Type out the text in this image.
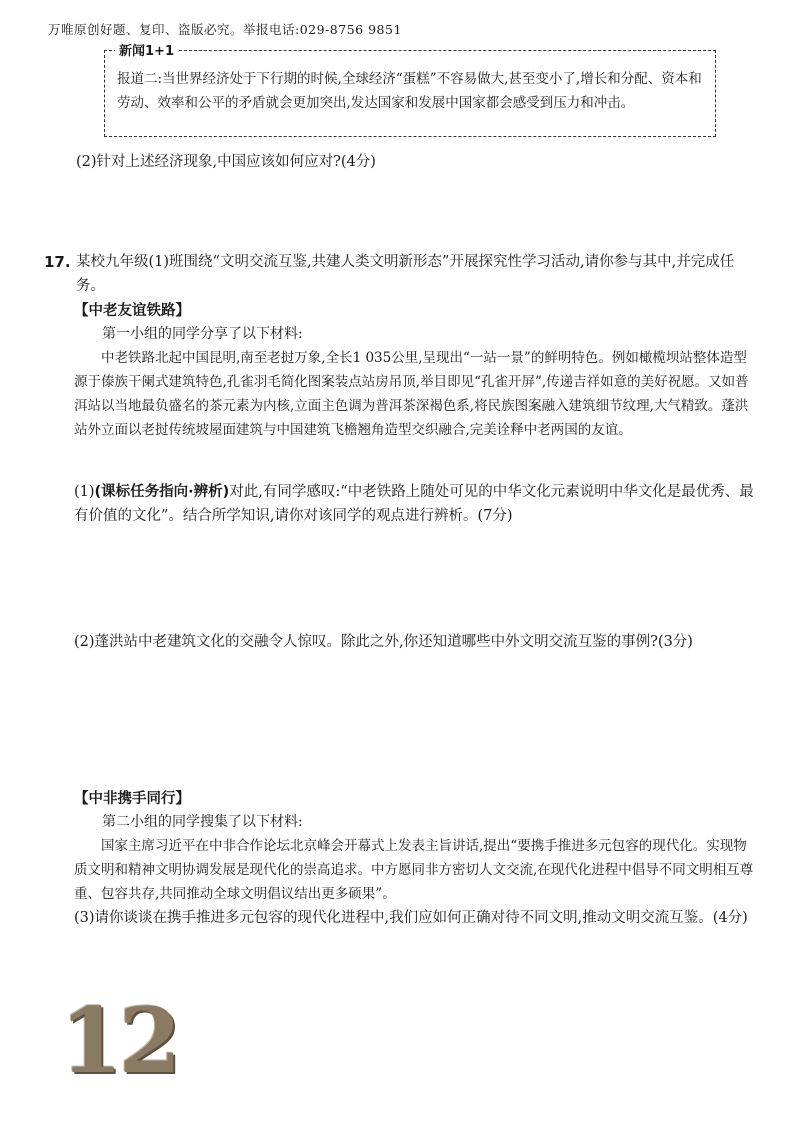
万唯原创好题、复印、盗版必究。举报电话:029-8756 9851
新闻1+1
报道二:当世界经济处于下行期的时候,全球经济“蛋糕”不容易做大,甚至变小了,增长和分配、资本和劳动、效率和公平的矛盾就会更加突出,发达国家和发展中国家都会感受到压力和冲击。
(2)针对上述经济现象,中国应该如何应对?(4分)
17. 某校九年级(1)班围绕“文明交流互鉴,共建人类文明新形态”开展探究性学习活动,请你参与其中,并完成任务。
【中老友谊铁路】
第一小组的同学分享了以下材料:
中老铁路北起中国昆明,南至老挝万象,全长1 035公里,呈现出“一站一景”的鲜明特色。例如橄榄坝站整体造型源于傣族干阑式建筑特色,孔雀羽毛简化图案装点站房吊顶,举目即见“孔雀开屏”,传递吉祥如意的美好祝愿。又如普洱站以当地最负盛名的茶元素为内核,立面主色调为普洱茶深褐色系,将民族图案融入建筑细节纹理,大气精致。蓬洪站外立面以老挝传统坡屋面建筑与中国建筑飞檐翘角造型交织融合,完美诠释中老两国的友谊。
(1)(课标任务指向·辨析)对此,有同学感叹:“中老铁路上随处可见的中华文化元素说明中华文化是最优秀、最有价值的文化”。结合所学知识,请你对该同学的观点进行辨析。(7分)
(2)蓬洪站中老建筑文化的交融令人惊叹。除此之外,你还知道哪些中外文明交流互鉴的事例?(3分)
【中非携手同行】
第二小组的同学搜集了以下材料:
国家主席习近平在中非合作论坛北京峰会开幕式上发表主旨讲话,提出“要携手推进多元包容的现代化。实现物质文明和精神文明协调发展是现代化的崇高追求。中方愿同非方密切人文交流,在现代化进程中倡导不同文明相互尊重、包容共存,共同推动全球文明倡议结出更多硕果”。
(3)请你谈谈在携手推进多元包容的现代化进程中,我们应如何正确对待不同文明,推动文明交流互鉴。(4分)
12
